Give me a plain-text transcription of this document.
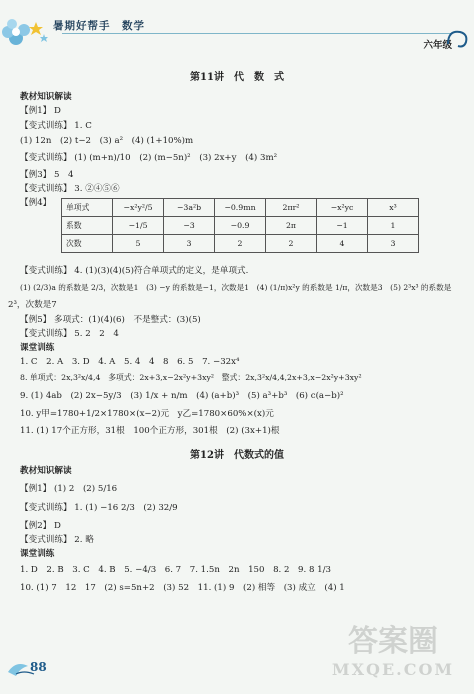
暑期好帮手　数学
六年级
第11讲　代　数　式
教材知识解读
【例1】 D
【变式训练】 1. C
(1) 12n　(2) t−2　(3) a²　(4) (1+10%)m
【变式训练】 (1) (m+n)/10　(2) (m−5n)²　(3) 2x+y　(4) 3m²
【例3】 5　4
【变式训练】 3. ②④⑤⑥
【例4】 单项式	−x²y²/5	−3a²b	−0.9mn	2πr²	−x²yc	x³
系数	−1/5	−3	−0.9	2π	−1	1
次数	5	3	2	2	4	3
【变式训练】 4. (1)(3)(4)(5)符合单项式的定义，是单项式.
(1) (2/3)a 的系数是 2/3，次数是1　(3) −y 的系数是−1，次数是1　(4) (1/π)x²y 的系数是 1/π，次数是3　(5) 2³x³ 的系数是
2³，次数是7
【例5】 多项式：(1)(4)(6)　不是整式：(3)(5)
【变式训练】 5. 2　2　4
课堂训练
1. C　2. A　3. D　4. A　5. 4　4　8　6. 5　7. −32x⁴
8. 单项式：2x,3²x/4,4　多项式：2x+3,x−2x²y+3xy²　整式：2x,3²x/4,4,2x+3,x−2x²y+3xy²
9. (1) 4ab　(2) 2x−5y/3　(3) 1/x + n/m　(4) (a+b)³　(5) a³+b³　(6) c(a−b)²
10. y甲=1780+1/2×1780×(x−2)元　y乙=1780×60%×(x)元
11. (1) 17个正方形，31根　100个正方形，301根　(2) (3x+1)根
第12讲　代数式的值
教材知识解读
【例1】 (1) 2　(2) 5/16
【变式训练】 1. (1) −16 2/3　(2) 32/9
【例2】 D
【变式训练】 2. 略
课堂训练
1. D　2. B　3. C　4. B　5. −4/3　6. 7　7. 1.5n　2n　150　8. 2　9. 8 1/3
10. (1) 7　12　17　(2) s=5n+2　(3) 52　11. (1) 9　(2) 相等　(3) 成立　(4) 1
88
答案圈
MXQE.COM
